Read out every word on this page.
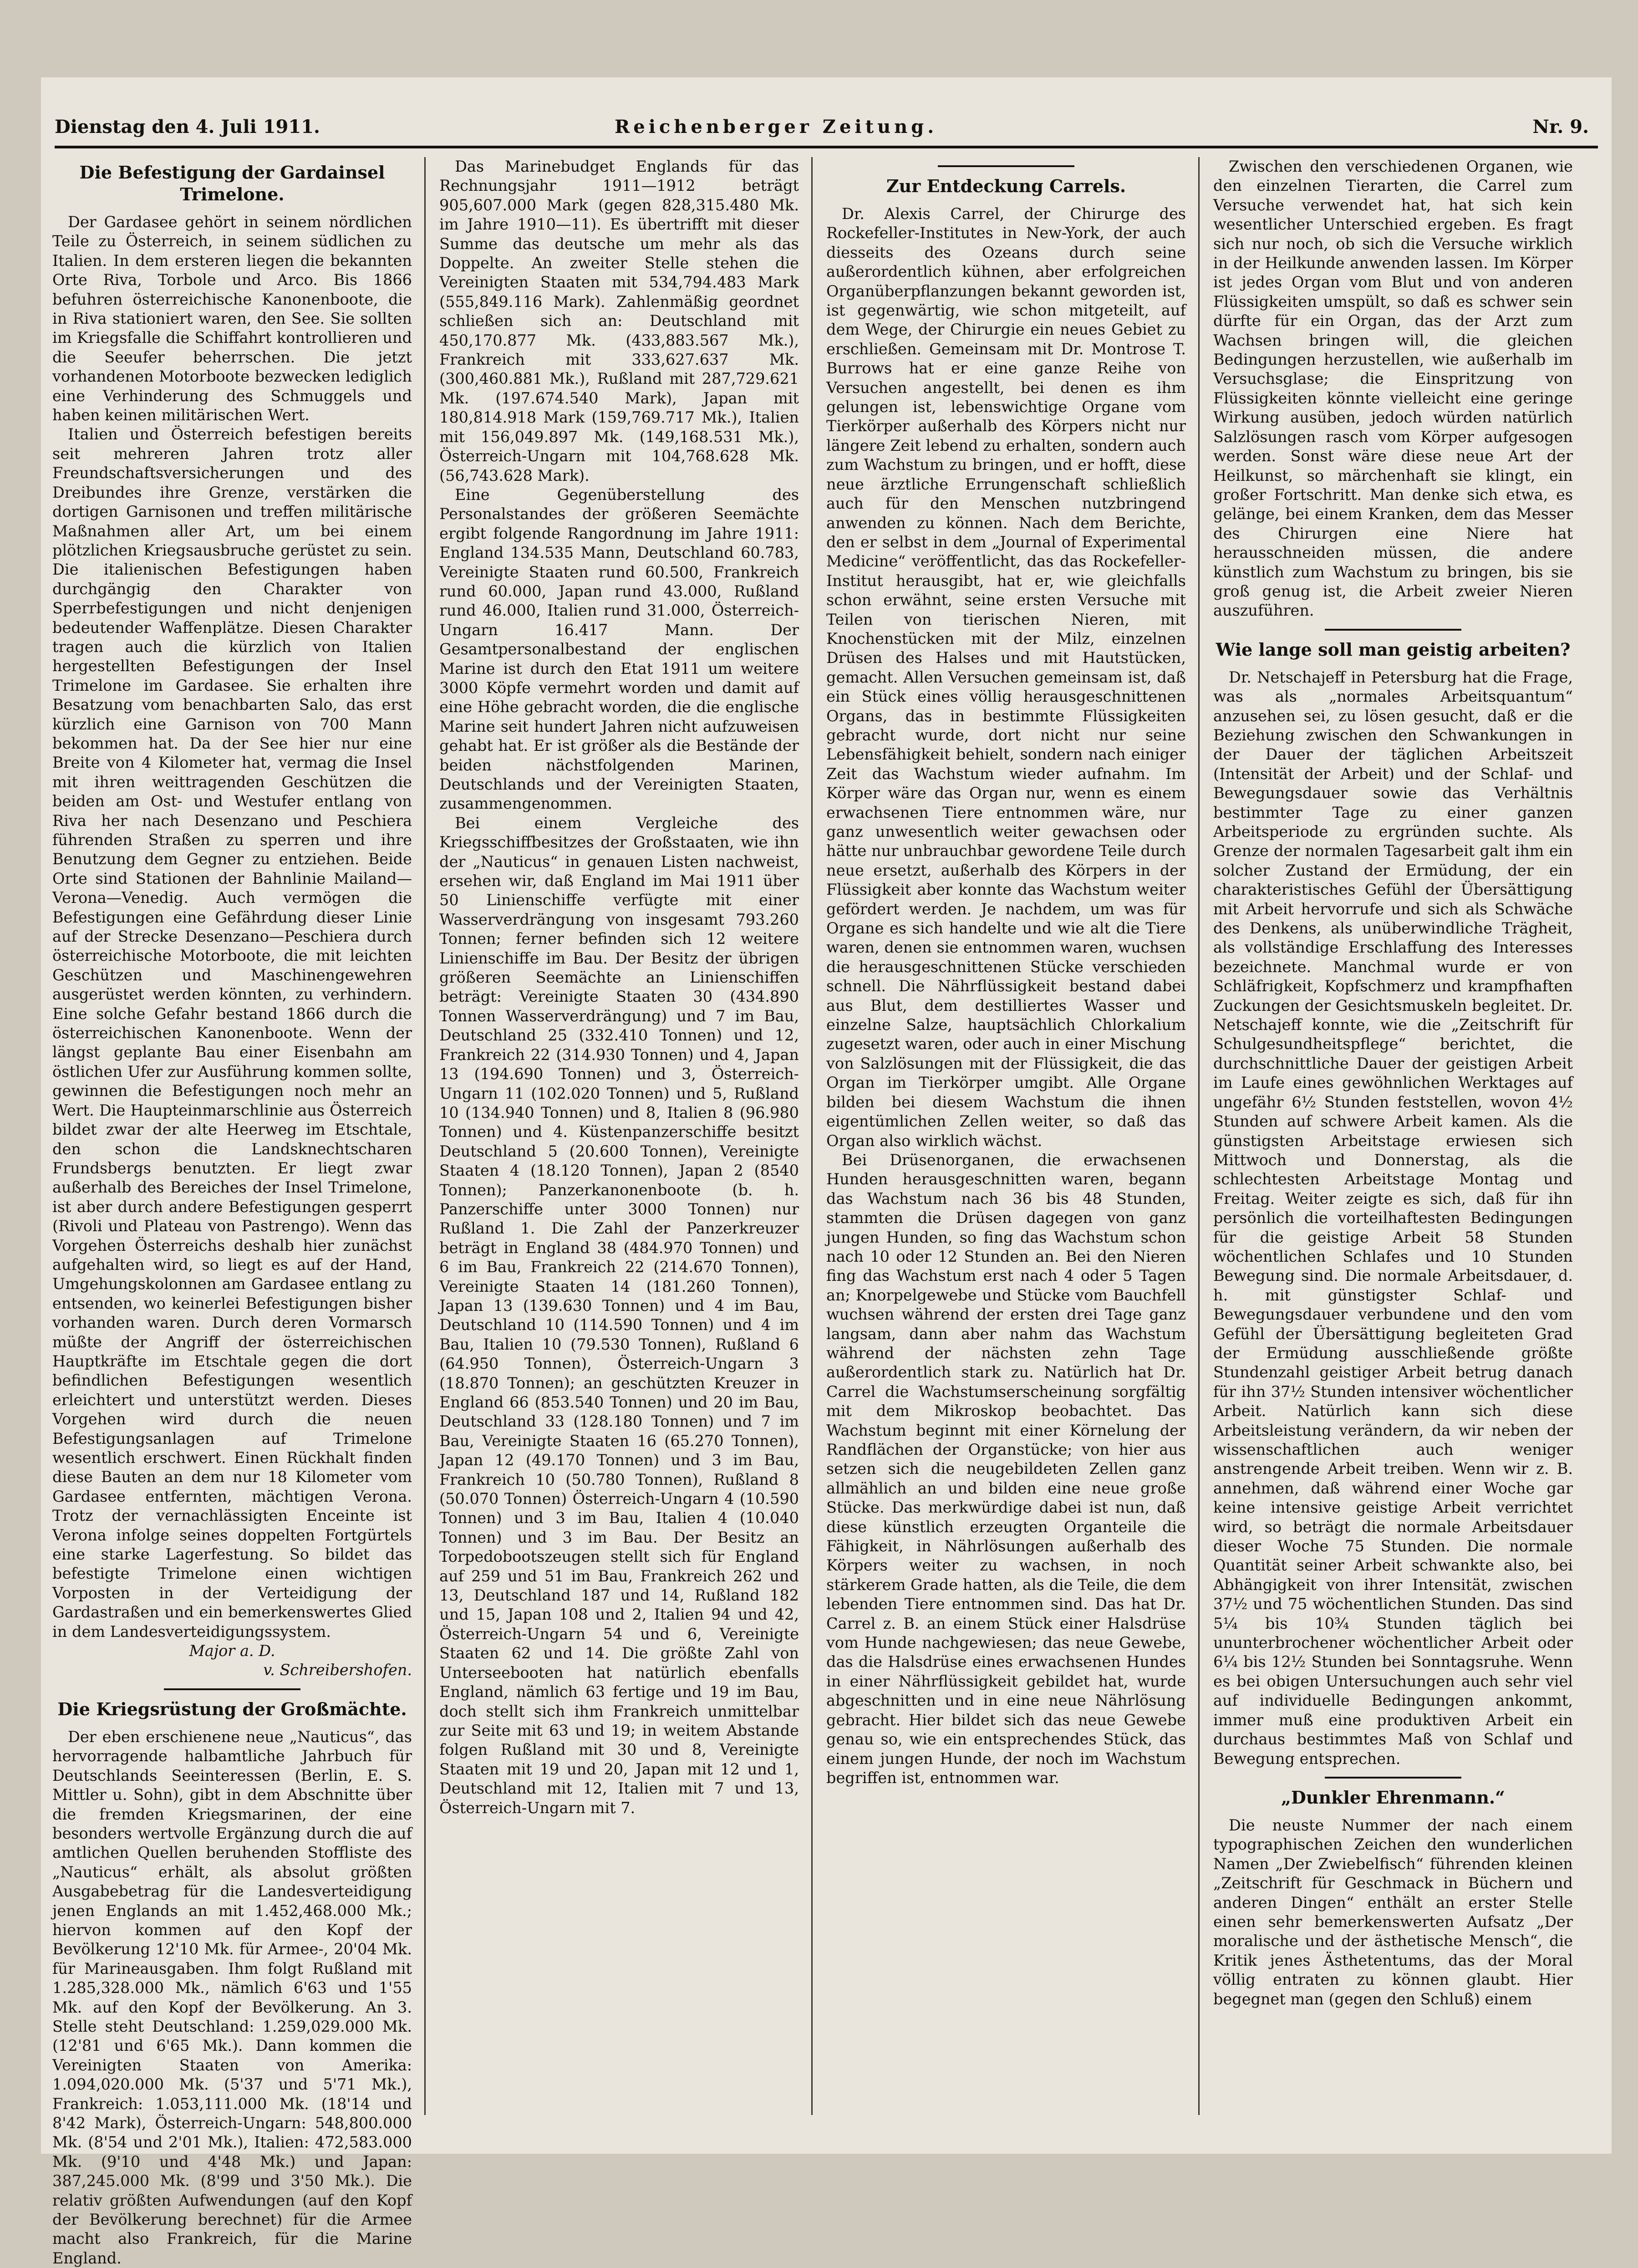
Dienstag den 4. Juli 1911.	Reichenberger Zeitung.	Nr. 9.
Die Befestigung der Gardainsel Trimelone.

Der Gardasee gehört in seinem nördlichen Teile zu Österreich, in seinem südlichen zu Italien. In dem ersteren liegen die bekannten Orte Riva, Torbole und Arco. Bis 1866 befuhren österreichische Kanonenboote, die in Riva stationiert waren, den See. Sie sollten im Kriegsfalle die Schiffahrt kontrollieren und die Seeufer beherrschen. Die jetzt vorhandenen Motorboote bezwecken lediglich eine Verhinderung des Schmuggels und haben keinen militärischen Wert.

Italien und Österreich befestigen bereits seit mehreren Jahren trotz aller Freundschaftsversicherungen und des Dreibundes ihre Grenze, verstärken die dortigen Garnisonen und treffen militärische Maßnahmen aller Art, um bei einem plötzlichen Kriegsausbruche gerüstet zu sein. Die italienischen Befestigungen haben durchgängig den Charakter von Sperrbefestigungen und nicht denjenigen bedeutender Waffenplätze. Diesen Charakter tragen auch die kürzlich von Italien hergestellten Befestigungen der Insel Trimelone im Gardasee. Sie erhalten ihre Besatzung vom benachbarten Salo, das erst kürzlich eine Garnison von 700 Mann bekommen hat. Da der See hier nur eine Breite von 4 Kilometer hat, vermag die Insel mit ihren weittragenden Geschützen die beiden am Ost- und Westufer entlang von Riva her nach Desenzano und Peschiera führenden Straßen zu sperren und ihre Benutzung dem Gegner zu entziehen. Beide Orte sind Stationen der Bahnlinie Mailand—Verona—Venedig. Auch vermögen die Befestigungen eine Gefährdung dieser Linie auf der Strecke Desenzano—Peschiera durch österreichische Motorboote, die mit leichten Geschützen und Maschinengewehren ausgerüstet werden könnten, zu verhindern. Eine solche Gefahr bestand 1866 durch die österreichischen Kanonenboote. Wenn der längst geplante Bau einer Eisenbahn am östlichen Ufer zur Ausführung kommen sollte, gewinnen die Befestigungen noch mehr an Wert. Die Haupteinmarschlinie aus Österreich bildet zwar der alte Heerweg im Etschtale, den schon die Landsknechtscharen Frundsbergs benutzten. Er liegt zwar außerhalb des Bereiches der Insel Trimelone, ist aber durch andere Befestigungen gesperrt (Rivoli und Plateau von Pastrengo). Wenn das Vorgehen Österreichs deshalb hier zunächst aufgehalten wird, so liegt es auf der Hand, Umgehungskolonnen am Gardasee entlang zu entsenden, wo keinerlei Befestigungen bisher vorhanden waren. Durch deren Vormarsch müßte der Angriff der österreichischen Hauptkräfte im Etschtale gegen die dort befindlichen Befestigungen wesentlich erleichtert und unterstützt werden. Dieses Vorgehen wird durch die neuen Befestigungsanlagen auf Trimelone wesentlich erschwert. Einen Rückhalt finden diese Bauten an dem nur 18 Kilometer vom Gardasee entfernten, mächtigen Verona. Trotz der vernachlässigten Enceinte ist Verona infolge seines doppelten Fortgürtels eine starke Lagerfestung. So bildet das befestigte Trimelone einen wichtigen Vorposten in der Verteidigung der Gardastraßen und ein bemerkenswertes Glied in dem Landesverteidigungssystem.

Major a. D.
v. Schreibershofen.
Die Kriegsrüstung der Großmächte.

Der eben erschienene neue „Nauticus“, das hervorragende halbamtliche Jahrbuch für Deutschlands Seeinteressen (Berlin, E. S. Mittler u. Sohn), gibt in dem Abschnitte über die fremden Kriegsmarinen, der eine besonders wertvolle Ergänzung durch die auf amtlichen Quellen beruhenden Stoffliste des „Nauticus“ erhält, als absolut größten Ausgabebetrag für die Landesverteidigung jenen Englands an mit 1.452,468.000 Mk.; hiervon kommen auf den Kopf der Bevölkerung 12'10 Mk. für Armee-, 20'04 Mk. für Marineausgaben. Ihm folgt Rußland mit 1.285,328.000 Mk., nämlich 6'63 und 1'55 Mk. auf den Kopf der Bevölkerung. An 3. Stelle steht Deutschland: 1.259,029.000 Mk. (12'81 und 6'65 Mk.). Dann kommen die Vereinigten Staaten von Amerika: 1.094,020.000 Mk. (5'37 und 5'71 Mk.), Frankreich: 1.053,111.000 Mk. (18'14 und 8'42 Mark), Österreich-Ungarn: 548,800.000 Mk. (8'54 und 2'01 Mk.), Italien: 472,583.000 Mk. (9'10 und 4'48 Mk.) und Japan: 387,245.000 Mk. (8'99 und 3'50 Mk.). Die relativ größten Aufwendungen (auf den Kopf der Bevölkerung berechnet) für die Armee macht also Frankreich, für die Marine England.

Das Marinebudget Englands für das Rechnungsjahr 1911—1912 beträgt 905,607.000 Mark (gegen 828,315.480 Mk. im Jahre 1910—11). Es übertrifft mit dieser Summe das deutsche um mehr als das Doppelte. An zweiter Stelle stehen die Vereinigten Staaten mit 534,794.483 Mark (555,849.116 Mark). Zahlenmäßig geordnet schließen sich an: Deutschland mit 450,170.877 Mk. (433,883.567 Mk.), Frankreich mit 333,627.637 Mk. (300,460.881 Mk.), Rußland mit 287,729.621 Mk. (197.674.540 Mark), Japan mit 180,814.918 Mark (159,769.717 Mk.), Italien mit 156,049.897 Mk. (149,168.531 Mk.), Österreich-Ungarn mit 104,768.628 Mk. (56,743.628 Mark).

Eine Gegenüberstellung des Personalstandes der größeren Seemächte ergibt folgende Rangordnung im Jahre 1911: England 134.535 Mann, Deutschland 60.783, Vereinigte Staaten rund 60.500, Frankreich rund 60.000, Japan rund 43.000, Rußland rund 46.000, Italien rund 31.000, Österreich-Ungarn 16.417 Mann. Der Gesamtpersonalbestand der englischen Marine ist durch den Etat 1911 um weitere 3000 Köpfe vermehrt worden und damit auf eine Höhe gebracht worden, die die englische Marine seit hundert Jahren nicht aufzuweisen gehabt hat. Er ist größer als die Bestände der beiden nächstfolgenden Marinen, Deutschlands und der Vereinigten Staaten, zusammengenommen.

Bei einem Vergleiche des Kriegsschiffbesitzes der Großstaaten, wie ihn der „Nauticus“ in genauen Listen nachweist, ersehen wir, daß England im Mai 1911 über 50 Linienschiffe verfügte mit einer Wasserverdrängung von insgesamt 793.260 Tonnen; ferner befinden sich 12 weitere Linienschiffe im Bau. Der Besitz der übrigen größeren Seemächte an Linienschiffen beträgt: Vereinigte Staaten 30 (434.890 Tonnen Wasserverdrängung) und 7 im Bau, Deutschland 25 (332.410 Tonnen) und 12, Frankreich 22 (314.930 Tonnen) und 4, Japan 13 (194.690 Tonnen) und 3, Österreich-Ungarn 11 (102.020 Tonnen) und 5, Rußland 10 (134.940 Tonnen) und 8, Italien 8 (96.980 Tonnen) und 4. Küstenpanzerschiffe besitzt Deutschland 5 (20.600 Tonnen), Vereinigte Staaten 4 (18.120 Tonnen), Japan 2 (8540 Tonnen); Panzerkanonenboote (b. h. Panzerschiffe unter 3000 Tonnen) nur Rußland 1. Die Zahl der Panzerkreuzer beträgt in England 38 (484.970 Tonnen) und 6 im Bau, Frankreich 22 (214.670 Tonnen), Vereinigte Staaten 14 (181.260 Tonnen), Japan 13 (139.630 Tonnen) und 4 im Bau, Deutschland 10 (114.590 Tonnen) und 4 im Bau, Italien 10 (79.530 Tonnen), Rußland 6 (64.950 Tonnen), Österreich-Ungarn 3 (18.870 Tonnen); an geschützten Kreuzer in England 66 (853.540 Tonnen) und 20 im Bau, Deutschland 33 (128.180 Tonnen) und 7 im Bau, Vereinigte Staaten 16 (65.270 Tonnen), Japan 12 (49.170 Tonnen) und 3 im Bau, Frankreich 10 (50.780 Tonnen), Rußland 8 (50.070 Tonnen) Österreich-Ungarn 4 (10.590 Tonnen) und 3 im Bau, Italien 4 (10.040 Tonnen) und 3 im Bau. Der Besitz an Torpedobootszeugen stellt sich für England auf 259 und 51 im Bau, Frankreich 262 und 13, Deutschland 187 und 14, Rußland 182 und 15, Japan 108 und 2, Italien 94 und 42, Österreich-Ungarn 54 und 6, Vereinigte Staaten 62 und 14. Die größte Zahl von Unterseebooten hat natürlich ebenfalls England, nämlich 63 fertige und 19 im Bau, doch stellt sich ihm Frankreich unmittelbar zur Seite mit 63 und 19; in weitem Abstande folgen Rußland mit 30 und 8, Vereinigte Staaten mit 19 und 20, Japan mit 12 und 1, Deutschland mit 12, Italien mit 7 und 13, Österreich-Ungarn mit 7.

Zur Entdeckung Carrels.

Dr. Alexis Carrel, der Chirurge des Rockefeller-Institutes in New-York, der auch diesseits des Ozeans durch seine außerordentlich kühnen, aber erfolgreichen Organüberpflanzungen bekannt geworden ist, ist gegenwärtig, wie schon mitgeteilt, auf dem Wege, der Chirurgie ein neues Gebiet zu erschließen. Gemeinsam mit Dr. Montrose T. Burrows hat er eine ganze Reihe von Versuchen angestellt, bei denen es ihm gelungen ist, lebenswichtige Organe vom Tierkörper außerhalb des Körpers nicht nur längere Zeit lebend zu erhalten, sondern auch zum Wachstum zu bringen, und er hofft, diese neue ärztliche Errungenschaft schließlich auch für den Menschen nutzbringend anwenden zu können. Nach dem Berichte, den er selbst in dem „Journal of Experimental Medicine“ veröffentlicht, das das Rockefeller-Institut herausgibt, hat er, wie gleichfalls schon erwähnt, seine ersten Versuche mit Teilen von tierischen Nieren, mit Knochenstücken mit der Milz, einzelnen Drüsen des Halses und mit Hautstücken, gemacht. Allen Versuchen gemeinsam ist, daß ein Stück eines völlig herausgeschnittenen Organs, das in bestimmte Flüssigkeiten gebracht wurde, dort nicht nur seine Lebensfähigkeit behielt, sondern nach einiger Zeit das Wachstum wieder aufnahm. Im Körper wäre das Organ nur, wenn es einem erwachsenen Tiere entnommen wäre, nur ganz unwesentlich weiter gewachsen oder hätte nur unbrauchbar gewordene Teile durch neue ersetzt, außerhalb des Körpers in der Flüssigkeit aber konnte das Wachstum weiter gefördert werden. Je nachdem, um was für Organe es sich handelte und wie alt die Tiere waren, denen sie entnommen waren, wuchsen die herausgeschnittenen Stücke verschieden schnell. Die Nährflüssigkeit bestand dabei aus Blut, dem destilliertes Wasser und einzelne Salze, hauptsächlich Chlorkalium zugesetzt waren, oder auch in einer Mischung von Salzlösungen mit der Flüssigkeit, die das Organ im Tierkörper umgibt. Alle Organe bilden bei diesem Wachstum die ihnen eigentümlichen Zellen weiter, so daß das Organ also wirklich wächst.

Bei Drüsenorganen, die erwachsenen Hunden herausgeschnitten waren, begann das Wachstum nach 36 bis 48 Stunden, stammten die Drüsen dagegen von ganz jungen Hunden, so fing das Wachstum schon nach 10 oder 12 Stunden an. Bei den Nieren fing das Wachstum erst nach 4 oder 5 Tagen an; Knorpelgewebe und Stücke vom Bauchfell wuchsen während der ersten drei Tage ganz langsam, dann aber nahm das Wachstum während der nächsten zehn Tage außerordentlich stark zu. Natürlich hat Dr. Carrel die Wachstumserscheinung sorgfältig mit dem Mikroskop beobachtet. Das Wachstum beginnt mit einer Körnelung der Randflächen der Organstücke; von hier aus setzen sich die neugebildeten Zellen ganz allmählich an und bilden eine neue große Stücke. Das merkwürdige dabei ist nun, daß diese künstlich erzeugten Organteile die Fähigkeit, in Nährlösungen außerhalb des Körpers weiter zu wachsen, in noch stärkerem Grade hatten, als die Teile, die dem lebenden Tiere entnommen sind. Das hat Dr. Carrel z. B. an einem Stück einer Halsdrüse vom Hunde nachgewiesen; das neue Gewebe, das die Halsdrüse eines erwachsenen Hundes in einer Nährflüssigkeit gebildet hat, wurde abgeschnitten und in eine neue Nährlösung gebracht. Hier bildet sich das neue Gewebe genau so, wie ein entsprechendes Stück, das einem jungen Hunde, der noch im Wachstum begriffen ist, entnommen war.

Zwischen den verschiedenen Organen, wie den einzelnen Tierarten, die Carrel zum Versuche verwendet hat, hat sich kein wesentlicher Unterschied ergeben. Es fragt sich nur noch, ob sich die Versuche wirklich in der Heilkunde anwenden lassen. Im Körper ist jedes Organ vom Blut und von anderen Flüssigkeiten umspült, so daß es schwer sein dürfte für ein Organ, das der Arzt zum Wachsen bringen will, die gleichen Bedingungen herzustellen, wie außerhalb im Versuchsglase; die Einspritzung von Flüssigkeiten könnte vielleicht eine geringe Wirkung ausüben, jedoch würden natürlich Salzlösungen rasch vom Körper aufgesogen werden. Sonst wäre diese neue Art der Heilkunst, so märchenhaft sie klingt, ein großer Fortschritt. Man denke sich etwa, es gelänge, bei einem Kranken, dem das Messer des Chirurgen eine Niere hat herausschneiden müssen, die andere künstlich zum Wachstum zu bringen, bis sie groß genug ist, die Arbeit zweier Nieren auszuführen.

Wie lange soll man geistig arbeiten?

Dr. Netschajeff in Petersburg hat die Frage, was als „normales Arbeitsquantum“ anzusehen sei, zu lösen gesucht, daß er die Beziehung zwischen den Schwankungen in der Dauer der täglichen Arbeitszeit (Intensität der Arbeit) und der Schlaf- und Bewegungsdauer sowie das Verhältnis bestimmter Tage zu einer ganzen Arbeitsperiode zu ergründen suchte. Als Grenze der normalen Tagesarbeit galt ihm ein solcher Zustand der Ermüdung, der ein charakteristisches Gefühl der Übersättigung mit Arbeit hervorrufe und sich als Schwäche des Denkens, als unüberwindliche Trägheit, als vollständige Erschlaffung des Interesses bezeichnete. Manchmal wurde er von Schläfrigkeit, Kopfschmerz und krampfhaften Zuckungen der Gesichtsmuskeln begleitet. Dr. Netschajeff konnte, wie die „Zeitschrift für Schulgesundheitspflege“ berichtet, die durchschnittliche Dauer der geistigen Arbeit im Laufe eines gewöhnlichen Werktages auf ungefähr 6½ Stunden feststellen, wovon 4½ Stunden auf schwere Arbeit kamen. Als die günstigsten Arbeitstage erwiesen sich Mittwoch und Donnerstag, als die schlechtesten Arbeitstage Montag und Freitag. Weiter zeigte es sich, daß für ihn persönlich die vorteilhaftesten Bedingungen für die geistige Arbeit 58 Stunden wöchentlichen Schlafes und 10 Stunden Bewegung sind. Die normale Arbeitsdauer, d. h. mit günstigster Schlaf- und Bewegungsdauer verbundene und den vom Gefühl der Übersättigung begleiteten Grad der Ermüdung ausschließende größte Stundenzahl geistiger Arbeit betrug danach für ihn 37½ Stunden intensiver wöchentlicher Arbeit. Natürlich kann sich diese Arbeitsleistung verändern, da wir neben der wissenschaftlichen auch weniger anstrengende Arbeit treiben. Wenn wir z. B. annehmen, daß während einer Woche gar keine intensive geistige Arbeit verrichtet wird, so beträgt die normale Arbeitsdauer dieser Woche 75 Stunden. Die normale Quantität seiner Arbeit schwankte also, bei Abhängigkeit von ihrer Intensität, zwischen 37½ und 75 wöchentlichen Stunden. Das sind 5¼ bis 10¾ Stunden täglich bei ununterbrochener wöchentlicher Arbeit oder 6¼ bis 12½ Stunden bei Sonntagsruhe. Wenn es bei obigen Untersuchungen auch sehr viel auf individuelle Bedingungen ankommt, immer muß eine produktiven Arbeit ein durchaus bestimmtes Maß von Schlaf und Bewegung entsprechen.

„Dunkler Ehrenmann.“

Die neuste Nummer der nach einem typographischen Zeichen den wunderlichen Namen „Der Zwiebelfisch“ führenden kleinen „Zeitschrift für Geschmack in Büchern und anderen Dingen“ enthält an erster Stelle einen sehr bemerkenswerten Aufsatz „Der moralische und der ästhetische Mensch“, die Kritik jenes Ästhetentums, das der Moral völlig entraten zu können glaubt. Hier begegnet man (gegen den Schluß) einem
